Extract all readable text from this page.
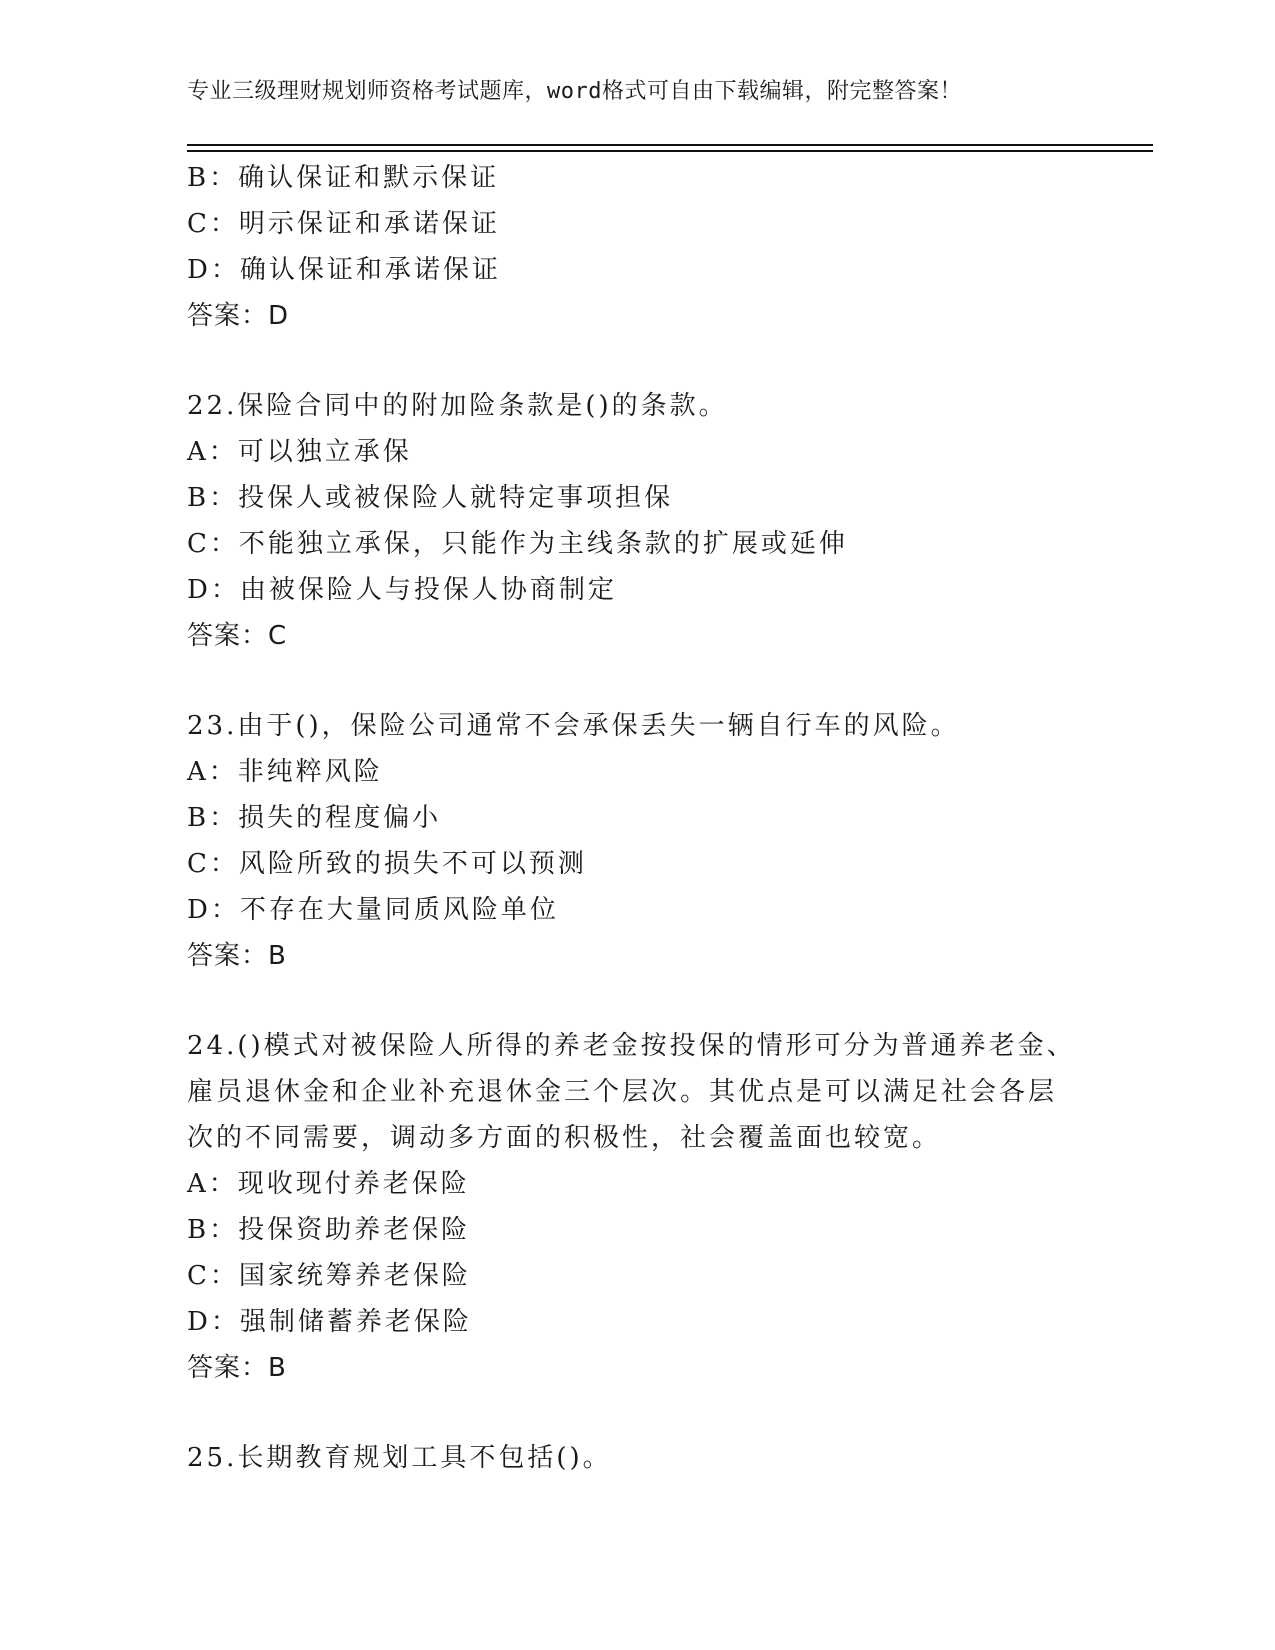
专业三级理财规划师资格考试题库，word格式可自由下载编辑，附完整答案！
B：确认保证和默示保证
C：明示保证和承诺保证
D：确认保证和承诺保证
答案：D
22.保险合同中的附加险条款是()的条款。
A：可以独立承保
B：投保人或被保险人就特定事项担保
C：不能独立承保，只能作为主线条款的扩展或延伸
D：由被保险人与投保人协商制定
答案：C
23.由于()，保险公司通常不会承保丢失一辆自行车的风险。
A：非纯粹风险
B：损失的程度偏小
C：风险所致的损失不可以预测
D：不存在大量同质风险单位
答案：B
24.()模式对被保险人所得的养老金按投保的情形可分为普通养老金、
雇员退休金和企业补充退休金三个层次。其优点是可以满足社会各层
次的不同需要，调动多方面的积极性，社会覆盖面也较宽。
A：现收现付养老保险
B：投保资助养老保险
C：国家统筹养老保险
D：强制储蓄养老保险
答案：B
25.长期教育规划工具不包括()。
